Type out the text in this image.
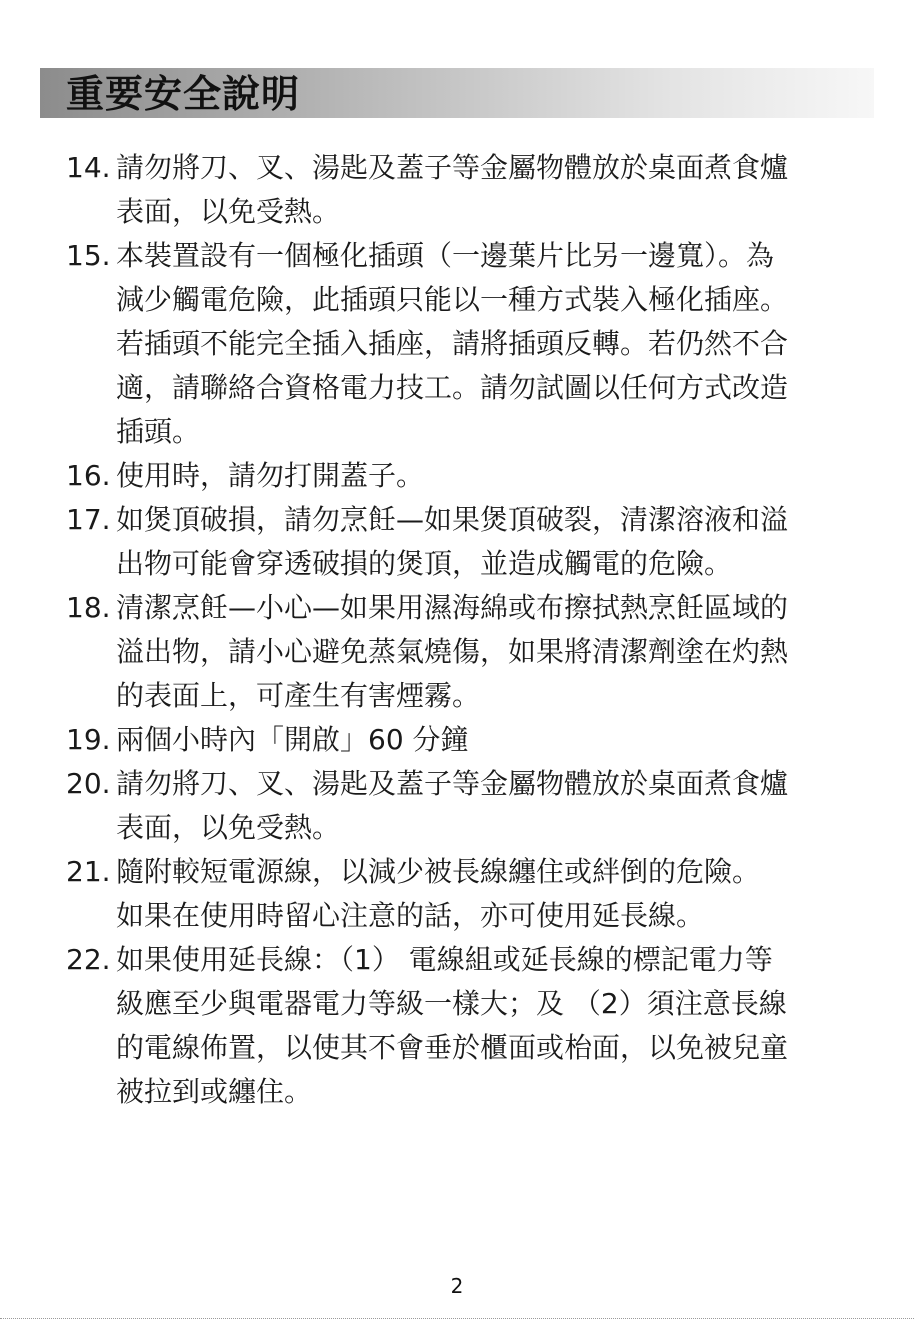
重要安全說明
14. 請勿將刀、叉、湯匙及蓋子等金屬物體放於桌面煮食爐
表面，以免受熱。
15. 本裝置設有一個極化插頭（一邊葉片比另一邊寬）。為
減少觸電危險，此插頭只能以一種方式裝入極化插座。
若插頭不能完全插入插座，請將插頭反轉。若仍然不合
適，請聯絡合資格電力技工。請勿試圖以任何方式改造
插頭。
16. 使用時，請勿打開蓋子。
17. 如煲頂破損，請勿烹飪—如果煲頂破裂，清潔溶液和溢
出物可能會穿透破損的煲頂，並造成觸電的危險。
18. 清潔烹飪—小心—如果用濕海綿或布擦拭熱烹飪區域的
溢出物，請小心避免蒸氣燒傷，如果將清潔劑塗在灼熱
的表面上，可產生有害煙霧。
19. 兩個小時內「開啟」60 分鐘
20. 請勿將刀、叉、湯匙及蓋子等金屬物體放於桌面煮食爐
表面，以免受熱。
21. 隨附較短電源線，以減少被長線纏住或絆倒的危險。
如果在使用時留心注意的話，亦可使用延長線。
22. 如果使用延長線：（1） 電線組或延長線的標記電力等
級應至少與電器電力等級一樣大；及 （2）須注意長線
的電線佈置，以使其不會垂於櫃面或枱面，以免被兒童
被拉到或纏住。
2
